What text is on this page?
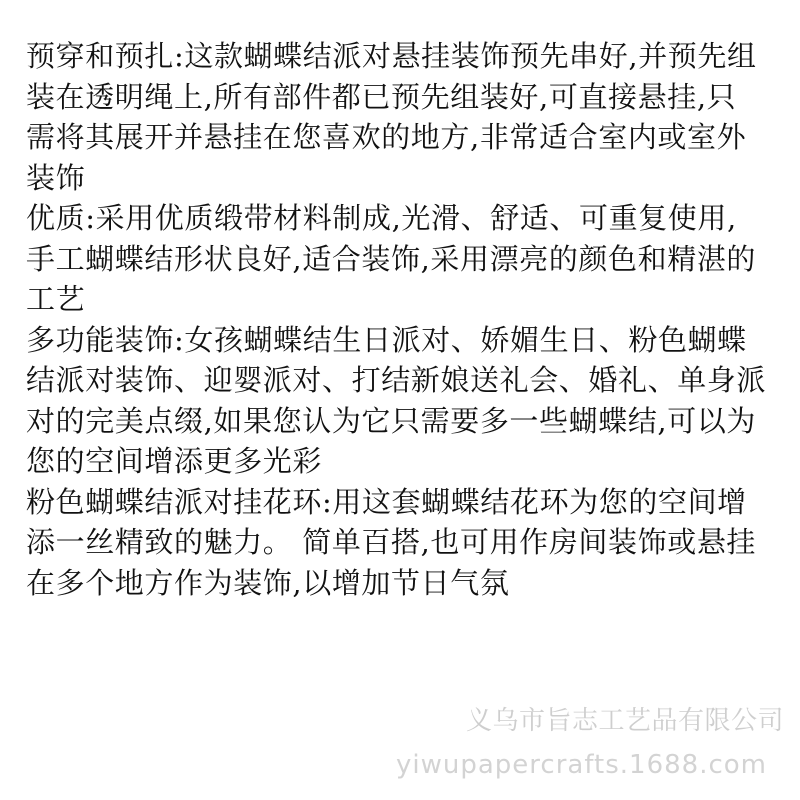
预穿和预扎:这款蝴蝶结派对悬挂装饰预先串好,并预先组
装在透明绳上,所有部件都已预先组装好,可直接悬挂,只
需将其展开并悬挂在您喜欢的地方,非常适合室内或室外
装饰
优质:采用优质缎带材料制成,光滑、舒适、可重复使用,
手工蝴蝶结形状良好,适合装饰,采用漂亮的颜色和精湛的
工艺
多功能装饰:女孩蝴蝶结生日派对、娇媚生日、粉色蝴蝶
结派对装饰、迎婴派对、打结新娘送礼会、婚礼、单身派
对的完美点缀,如果您认为它只需要多一些蝴蝶结,可以为
您的空间增添更多光彩
粉色蝴蝶结派对挂花环:用这套蝴蝶结花环为您的空间增
添一丝精致的魅力。 简单百搭,也可用作房间装饰或悬挂
在多个地方作为装饰,以增加节日气氛
义乌市旨志工艺品有限公司
yiwupapercrafts.1688.com
